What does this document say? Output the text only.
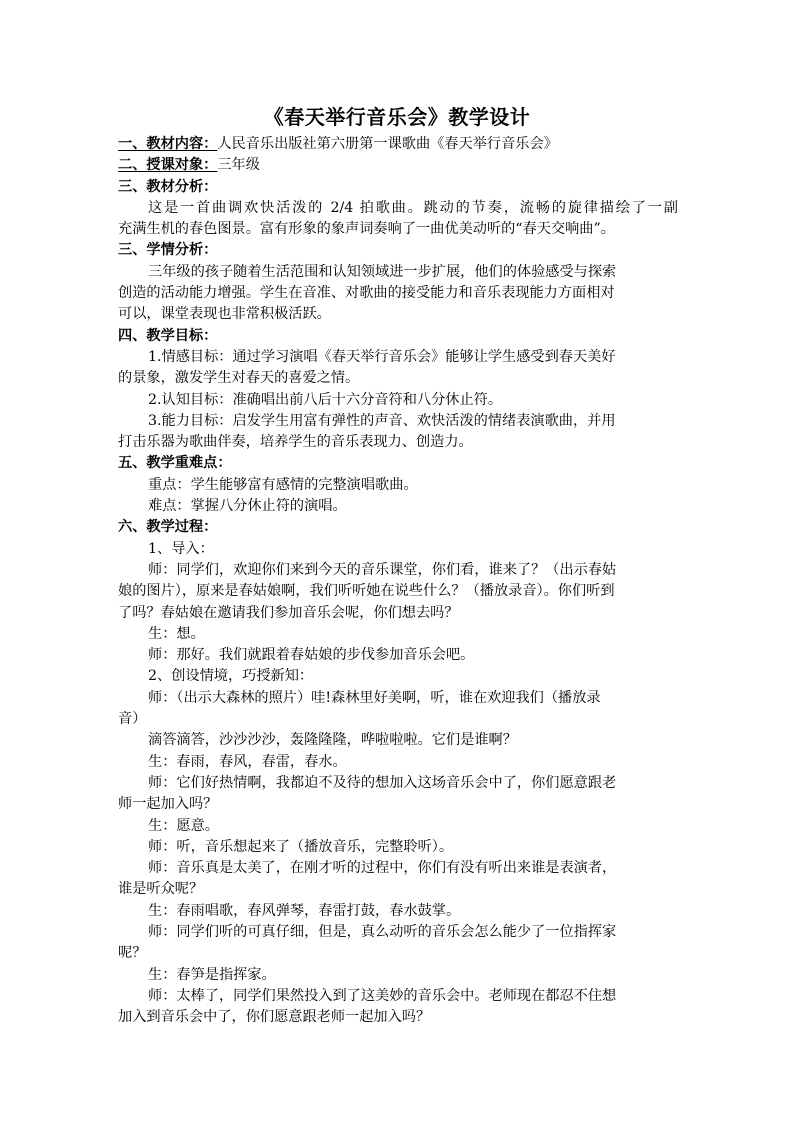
《春天举行音乐会》教学设计
一、教材内容：人民音乐出版社第六册第一课歌曲《春天举行音乐会》
二、授课对象：三年级
三、教材分析：
这是一首曲调欢快活泼的 2/4 拍歌曲。跳动的节奏，流畅的旋律描绘了一副
充满生机的春色图景。富有形象的象声词奏响了一曲优美动听的“春天交响曲”。
三、学情分析：
三年级的孩子随着生活范围和认知领域进一步扩展，他们的体验感受与探索
创造的活动能力增强。学生在音准、对歌曲的接受能力和音乐表现能力方面相对
可以，课堂表现也非常积极活跃。
四、教学目标：
1.情感目标：通过学习演唱《春天举行音乐会》能够让学生感受到春天美好
的景象，激发学生对春天的喜爱之情。
2.认知目标：准确唱出前八后十六分音符和八分休止符。
3.能力目标：启发学生用富有弹性的声音、欢快活泼的情绪表演歌曲，并用
打击乐器为歌曲伴奏，培养学生的音乐表现力、创造力。
五、教学重难点：
重点：学生能够富有感情的完整演唱歌曲。
难点：掌握八分休止符的演唱。
六、教学过程：
1、导入：
师：同学们，欢迎你们来到今天的音乐课堂，你们看，谁来了？（出示春姑
娘的图片），原来是春姑娘啊，我们听听她在说些什么？（播放录音）。你们听到
了吗？春姑娘在邀请我们参加音乐会呢，你们想去吗？
生：想。
师：那好。我们就跟着春姑娘的步伐参加音乐会吧。
2、创设情境，巧授新知：
师：（出示大森林的照片）哇!森林里好美啊，听，谁在欢迎我们（播放录
音）
滴答滴答，沙沙沙沙，轰隆隆隆，哗啦啦啦。它们是谁啊？
生：春雨，春风，春雷，春水。
师：它们好热情啊，我都迫不及待的想加入这场音乐会中了，你们愿意跟老
师一起加入吗？
生：愿意。
师：听，音乐想起来了（播放音乐，完整聆听）。
师：音乐真是太美了，在刚才听的过程中，你们有没有听出来谁是表演者，
谁是听众呢？
生：春雨唱歌，春风弹琴，春雷打鼓，春水鼓掌。
师：同学们听的可真仔细，但是，真么动听的音乐会怎么能少了一位指挥家
呢？
生：春笋是指挥家。
师：太棒了，同学们果然投入到了这美妙的音乐会中。老师现在都忍不住想
加入到音乐会中了，你们愿意跟老师一起加入吗？
